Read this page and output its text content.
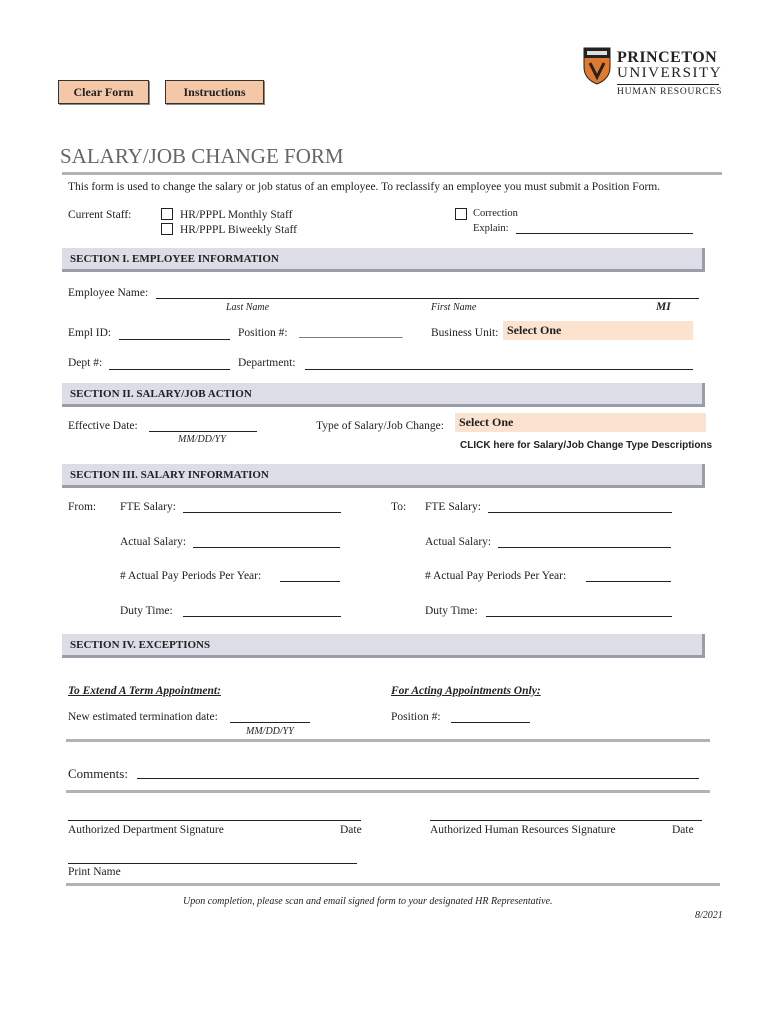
Clear Form	Instructions
PRINCETON
UNIVERSITY
HUMAN RESOURCES
SALARY/JOB CHANGE FORM
This form is used to change the salary or job status of an employee. To reclassify an employee you must submit a Position Form.
Current Staff:	HR/PPPL Monthly Staff
HR/PPPL Biweekly Staff
Correction
Explain:
SECTION I. EMPLOYEE INFORMATION
Employee Name:
Last Name	First Name	MI
Empl ID:	Position #: __________________ Business Unit: Select One
Dept #:	Department:
SECTION II. SALARY/JOB ACTION
Effective Date:
MM/DD/YY
Type of Salary/Job Change:	Select One
CLICK here for Salary/Job Change Type Descriptions
SECTION III. SALARY INFORMATION
From: FTE Salary:
Actual Salary:
# Actual Pay Periods Per Year:
Duty Time:
To: FTE Salary:
Actual Salary:
# Actual Pay Periods Per Year:
Duty Time:
SECTION IV. EXCEPTIONS
To Extend A Term Appointment:	For Acting Appointments Only:
New estimated termination date:
MM/DD/YY
Position #:
Comments:
Authorized Department Signature	Date	Authorized Human Resources Signature	Date
Print Name
Upon completion, please scan and email signed form to your designated HR Representative.
8/2021
